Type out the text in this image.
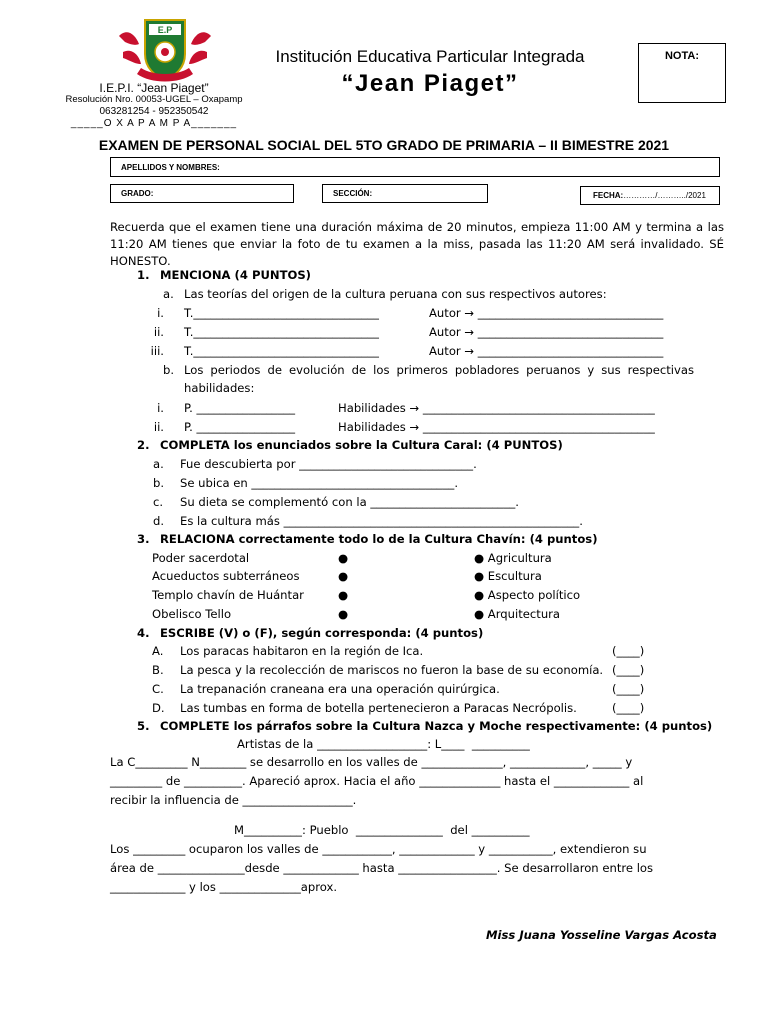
E.P
I.E.P.I. “Jean Piaget”
Resolución Nro. 00053-UGEL – Oxapamp
063281254 - 952350542
_____O X A P A M P A_______
Institución Educativa Particular Integrada
“Jean Piaget”
NOTA:
EXAMEN DE PERSONAL SOCIAL DEL 5TO GRADO DE PRIMARIA – II BIMESTRE 2021
APELLIDOS Y NOMBRES:
GRADO:	SECCIÓN:	FECHA: …………/………../2021
Recuerda que el examen tiene una duración máxima de 20 minutos, empieza 11:00 AM y termina a las 11:20 AM tienes que enviar la foto de tu examen a la miss, pasada las 11:20 AM será invalidado. SÉ HONESTO.
1. MENCIONA (4 PUNTOS)
a. Las teorías del origen de la cultura peruana con sus respectivos autores:
i. T.________________________________	Autor → ________________________________
ii. T.________________________________	Autor → ________________________________
iii. T.________________________________	Autor → ________________________________
b. Los periodos de evolución de los primeros pobladores peruanos y sus respectivas
habilidades:
i. P. _________________	Habilidades → ________________________________________
ii. P. _________________	Habilidades → ________________________________________
2. COMPLETA los enunciados sobre la Cultura Caral: (4 PUNTOS)
a. Fue descubierta por ______________________________.
b. Se ubica en ___________________________________.
c. Su dieta se complementó con la _________________________.
d. Es la cultura más ___________________________________________________.
3. RELACIONA correctamente todo lo de la Cultura Chavín: (4 puntos)
Poder sacerdotal	●	● Agricultura
Acueductos subterráneos	●	● Escultura
Templo chavín de Huántar	●	● Aspecto político
Obelisco Tello	●	● Arquitectura
4. ESCRIBE (V) o (F), según corresponda: (4 puntos)
A. Los paracas habitaron en la región de Ica.	(____)
B. La pesca y la recolección de mariscos no fueron la base de su economía. (____)
C. La trepanación craneana era una operación quirúrgica.	(____)
D. Las tumbas en forma de botella pertenecieron a Paracas Necrópolis.	(____)
5. COMPLETE los párrafos sobre la Cultura Nazca y Moche respectivamente: (4 puntos)
Artistas de la ___________________: L____  __________
La C_________ N________ se desarrollo en los valles de ______________, _____________, _____ y
_________ de __________. Apareció aprox. Hacia el año ______________ hasta el _____________ al
recibir la influencia de ___________________.
M__________: Pueblo  _______________  del __________
Los _________ ocuparon los valles de ____________, _____________ y ___________, extendieron su
área de _______________desde _____________ hasta _________________. Se desarrollaron entre los
_____________ y los ______________aprox.
Miss Juana Yosseline Vargas Acosta
